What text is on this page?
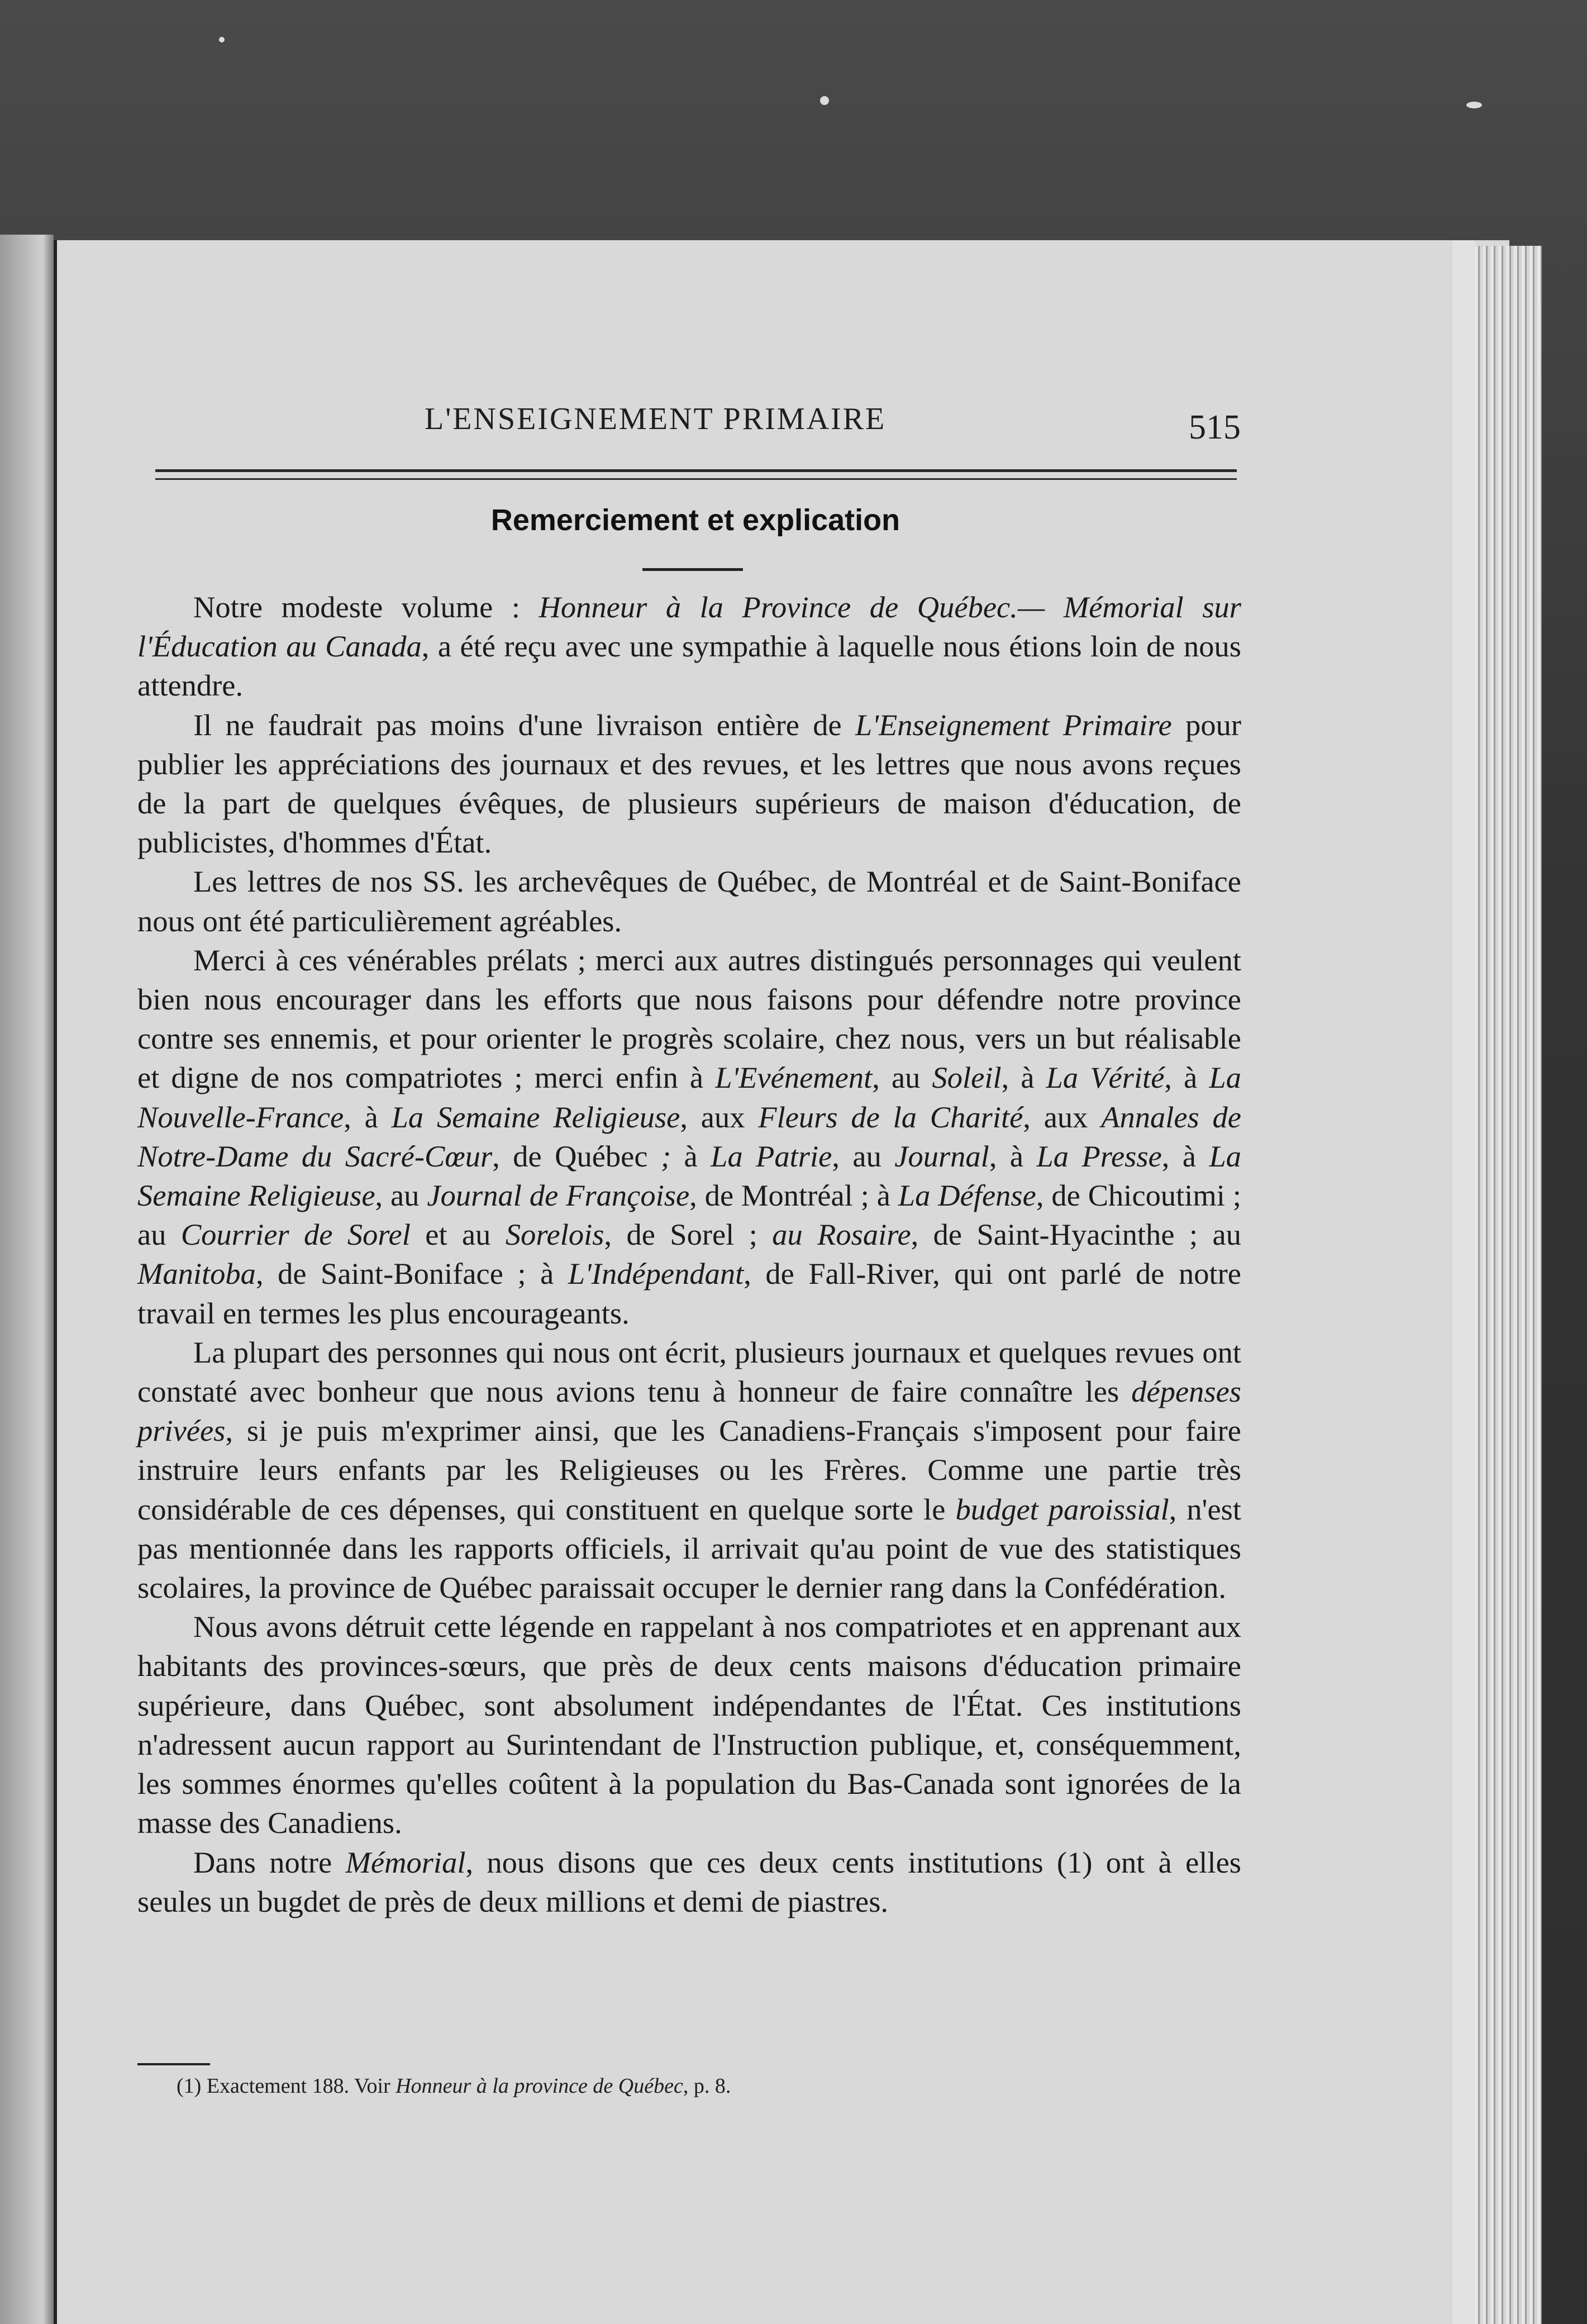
L'ENSEIGNEMENT PRIMAIRE	515
Remerciement et explication

Notre modeste volume : Honneur à la Province de Québec.— Mémorial sur l'Éducation au Canada, a été reçu avec une sympathie à laquelle nous étions loin de nous attendre.

Il ne faudrait pas moins d'une livraison entière de L'Enseignement Primaire pour publier les appréciations des journaux et des revues, et les lettres que nous avons reçues de la part de quelques évêques, de plusieurs supérieurs de maison d'éducation, de publicistes, d'hommes d'État.

Les lettres de nos SS. les archevêques de Québec, de Montréal et de Saint-Boniface nous ont été particulièrement agréables.

Merci à ces vénérables prélats ; merci aux autres distingués personnages qui veulent bien nous encourager dans les efforts que nous faisons pour défendre notre province contre ses ennemis, et pour orienter le progrès scolaire, chez nous, vers un but réalisable et digne de nos compatriotes ; merci enfin à L'Evénement, au Soleil, à La Vérité, à La Nouvelle-France, à La Semaine Religieuse, aux Fleurs de la Charité, aux Annales de Notre-Dame du Sacré-Cœur, de Québec ; à La Patrie, au Journal, à La Presse, à La Semaine Religieuse, au Journal de Françoise, de Montréal ; à La Défense, de Chicoutimi ; au Courrier de Sorel et au Sorelois, de Sorel ; au Rosaire, de Saint-Hyacinthe ; au Manitoba, de Saint-Boniface ; à L'Indépendant, de Fall-River, qui ont parlé de notre travail en termes les plus encourageants.

La plupart des personnes qui nous ont écrit, plusieurs journaux et quelques revues ont constaté avec bonheur que nous avions tenu à honneur de faire connaître les dépenses privées, si je puis m'exprimer ainsi, que les Canadiens-Français s'imposent pour faire instruire leurs enfants par les Religieuses ou les Frères. Comme une partie très considérable de ces dépenses, qui constituent en quelque sorte le budget paroissial, n'est pas mentionnée dans les rapports officiels, il arrivait qu'au point de vue des statistiques scolaires, la province de Québec paraissait occuper le dernier rang dans la Confédération.

Nous avons détruit cette légende en rappelant à nos compatriotes et en apprenant aux habitants des provinces-sœurs, que près de deux cents maisons d'éducation primaire supérieure, dans Québec, sont absolument indépendantes de l'État. Ces institutions n'adressent aucun rapport au Surintendant de l'Instruction publique, et, conséquemment, les sommes énormes qu'elles coûtent à la population du Bas-Canada sont ignorées de la masse des Canadiens.

Dans notre Mémorial, nous disons que ces deux cents institutions (1) ont à elles seules un bugdet de près de deux millions et demi de piastres.

(1) Exactement 188. Voir Honneur à la province de Québec, p. 8.
